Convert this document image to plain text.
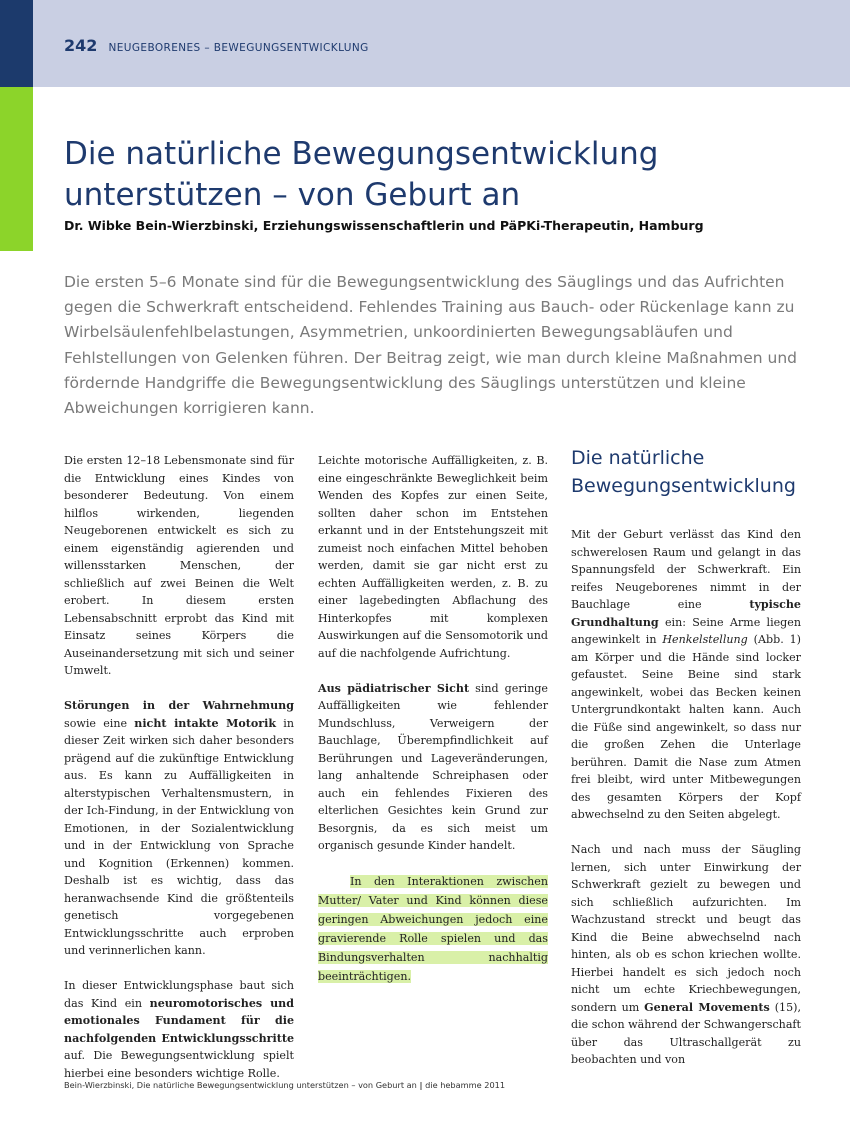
242 NEUGEBORENES – BEWEGUNGSENTWICKLUNG
Die natürliche Bewegungsentwicklung
unterstützen – von Geburt an
Dr. Wibke Bein-Wierzbinski, Erziehungswissenschaftlerin und PäPKi-Therapeutin, Hamburg

Die ersten 5–6 Monate sind für die Bewegungsentwicklung des Säuglings und das Aufrichten gegen die Schwerkraft entscheidend. Fehlendes Training aus Bauch- oder Rückenlage kann zu Wirbelsäulenfehlbelastungen, Asymmetrien, unkoordinierten Bewegungsabläufen und Fehlstellungen von Gelenken führen. Der Beitrag zeigt, wie man durch kleine Maßnahmen und fördernde Handgriffe die Bewegungsentwicklung des Säuglings unterstützen und kleine Abweichungen korrigieren kann.

Die ersten 12–18 Lebensmonate sind für die Entwicklung eines Kindes von besonderer Bedeutung. Von einem hilflos wirkenden, liegenden Neugeborenen entwickelt es sich zu einem eigenständig agierenden und willensstarken Menschen, der schließlich auf zwei Beinen die Welt erobert. In diesem ersten Lebensabschnitt erprobt das Kind mit Einsatz seines Körpers die Auseinandersetzung mit sich und seiner Umwelt.

Störungen in der Wahrnehmung sowie eine nicht intakte Motorik in dieser Zeit wirken sich daher besonders prägend auf die zukünftige Entwicklung aus. Es kann zu Auffälligkeiten in alterstypischen Verhaltensmustern, in der Ich-Findung, in der Entwicklung von Emotionen, in der Sozialentwicklung und in der Entwicklung von Sprache und Kognition (Erkennen) kommen. Deshalb ist es wichtig, dass das heranwachsende Kind die größtenteils genetisch vorgegebenen Entwicklungsschritte auch erproben und verinnerlichen kann.

In dieser Entwicklungsphase baut sich das Kind ein neuromotorisches und emotionales Fundament für die nachfolgenden Entwicklungsschritte auf. Die Bewegungsentwicklung spielt hierbei eine besonders wichtige Rolle.

Leichte motorische Auffälligkeiten, z. B. eine eingeschränkte Beweglichkeit beim Wenden des Kopfes zur einen Seite, sollten daher schon im Entstehen erkannt und in der Entstehungszeit mit zumeist noch einfachen Mittel behoben werden, damit sie gar nicht erst zu echten Auffälligkeiten werden, z. B. zu einer lagebedingten Abflachung des Hinterkopfes mit komplexen Auswirkungen auf die Sensomotorik und auf die nachfolgende Aufrichtung.

Aus pädiatrischer Sicht sind geringe Auffälligkeiten wie fehlender Mundschluss, Verweigern der Bauchlage, Überempfindlichkeit auf Berührungen und Lageveränderungen, lang anhaltende Schreiphasen oder auch ein fehlendes Fixieren des elterlichen Gesichtes kein Grund zur Besorgnis, da es sich meist um organisch gesunde Kinder handelt.

In den Interaktionen zwischen Mutter/ Vater und Kind können diese geringen Abweichungen jedoch eine gravierende Rolle spielen und das Bindungsverhalten nachhaltig beeinträchtigen.

Die natürliche Bewegungsentwicklung

Mit der Geburt verlässt das Kind den schwerelosen Raum und gelangt in das Spannungsfeld der Schwerkraft. Ein reifes Neugeborenes nimmt in der Bauchlage eine typische Grundhaltung ein: Seine Arme liegen angewinkelt in Henkelstellung (Abb. 1) am Körper und die Hände sind locker gefaustet. Seine Beine sind stark angewinkelt, wobei das Becken keinen Untergrundkontakt halten kann. Auch die Füße sind angewinkelt, so dass nur die großen Zehen die Unterlage berühren. Damit die Nase zum Atmen frei bleibt, wird unter Mitbewegungen des gesamten Körpers der Kopf abwechselnd zu den Seiten abgelegt.

Nach und nach muss der Säugling lernen, sich unter Einwirkung der Schwerkraft gezielt zu bewegen und sich schließlich aufzurichten. Im Wachzustand streckt und beugt das Kind die Beine abwechselnd nach hinten, als ob es schon kriechen wollte. Hierbei handelt es sich jedoch noch nicht um echte Kriechbewegungen, sondern um General Movements (15), die schon während der Schwangerschaft über das Ultraschallgerät zu beobachten und von

Bein-Wierzbinski, Die natürliche Bewegungsentwicklung unterstützen – von Geburt an | die hebamme 2011
